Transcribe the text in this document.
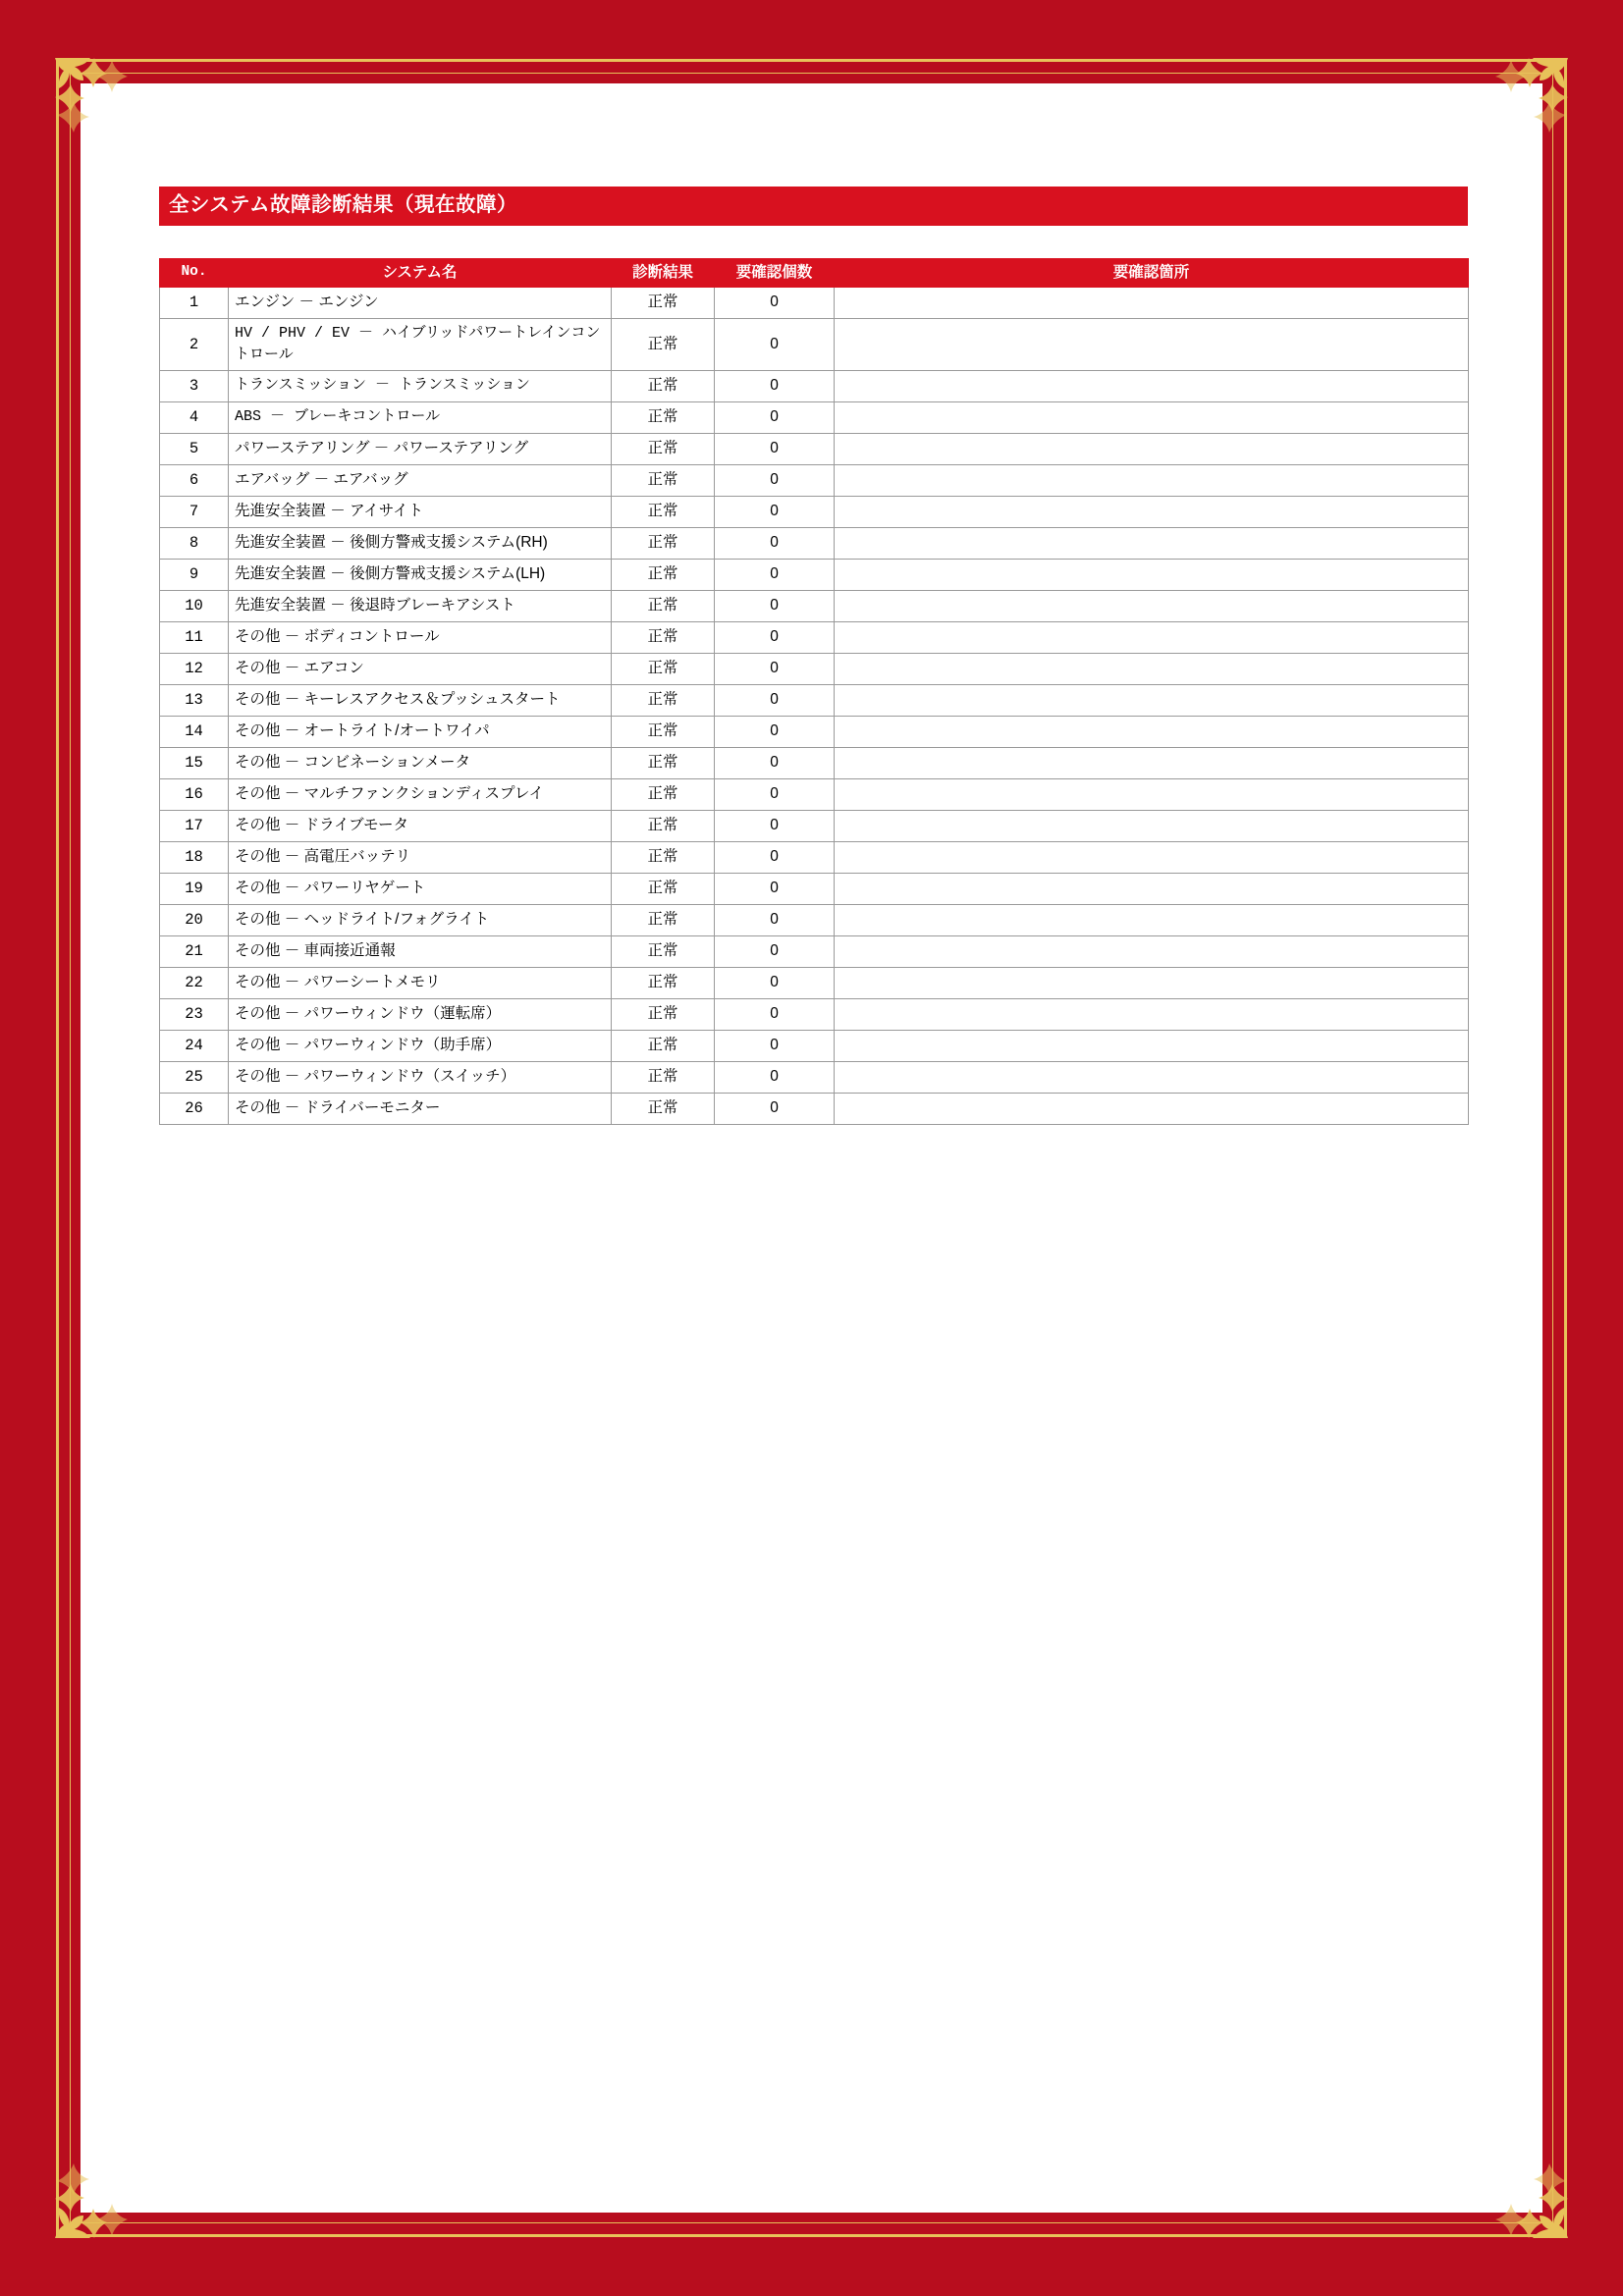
全システム故障診断結果（現在故障）
No.	システム名	診断結果	要確認個数	要確認箇所
1	エンジン － エンジン	正常	0	
2	HV / PHV / EV － ハイブリッドパワートレインコントロール	正常	0	
3	トランスミッション － トランスミッション	正常	0	
4	ABS － ブレーキコントロール	正常	0	
5	パワーステアリング － パワーステアリング	正常	0	
6	エアバッグ － エアバッグ	正常	0	
7	先進安全装置 － アイサイト	正常	0	
8	先進安全装置 － 後側方警戒支援システム(RH)	正常	0	
9	先進安全装置 － 後側方警戒支援システム(LH)	正常	0	
10	先進安全装置 － 後退時ブレーキアシスト	正常	0	
11	その他 － ボディコントロール	正常	0	
12	その他 － エアコン	正常	0	
13	その他 － キーレスアクセス＆プッシュスタート	正常	0	
14	その他 － オートライト/オートワイパ	正常	0	
15	その他 － コンビネーションメータ	正常	0	
16	その他 － マルチファンクションディスプレイ	正常	0	
17	その他 － ドライブモータ	正常	0	
18	その他 － 高電圧バッテリ	正常	0	
19	その他 － パワーリヤゲート	正常	0	
20	その他 － ヘッドライト/フォグライト	正常	0	
21	その他 － 車両接近通報	正常	0	
22	その他 － パワーシートメモリ	正常	0	
23	その他 － パワーウィンドウ（運転席）	正常	0	
24	その他 － パワーウィンドウ（助手席）	正常	0	
25	その他 － パワーウィンドウ（スイッチ）	正常	0	
26	その他 － ドライバーモニター	正常	0	
